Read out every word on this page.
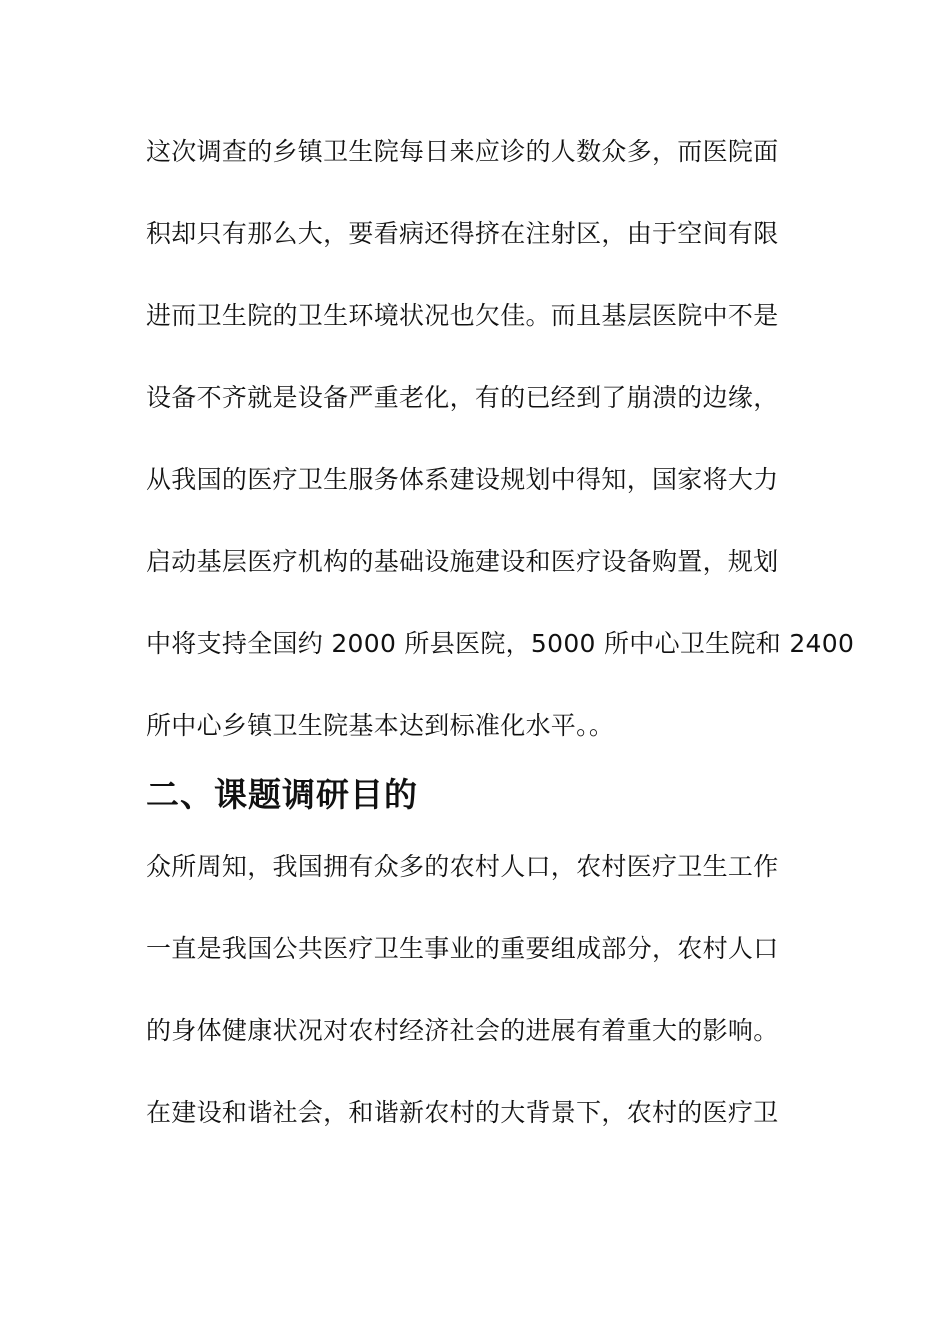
这次调查的乡镇卫生院每日来应诊的人数众多，而医院面

积却只有那么大，要看病还得挤在注射区，由于空间有限

进而卫生院的卫生环境状况也欠佳。而且基层医院中不是

设备不齐就是设备严重老化，有的已经到了崩溃的边缘，

从我国的医疗卫生服务体系建设规划中得知，国家将大力

启动基层医疗机构的基础设施建设和医疗设备购置，规划

中将支持全国约 2000 所县医院，5000 所中心卫生院和 2400

所中心乡镇卫生院基本达到标准化水平。。

二、课题调研目的

众所周知，我国拥有众多的农村人口，农村医疗卫生工作

一直是我国公共医疗卫生事业的重要组成部分，农村人口

的身体健康状况对农村经济社会的进展有着重大的影响。

在建设和谐社会，和谐新农村的大背景下，农村的医疗卫
